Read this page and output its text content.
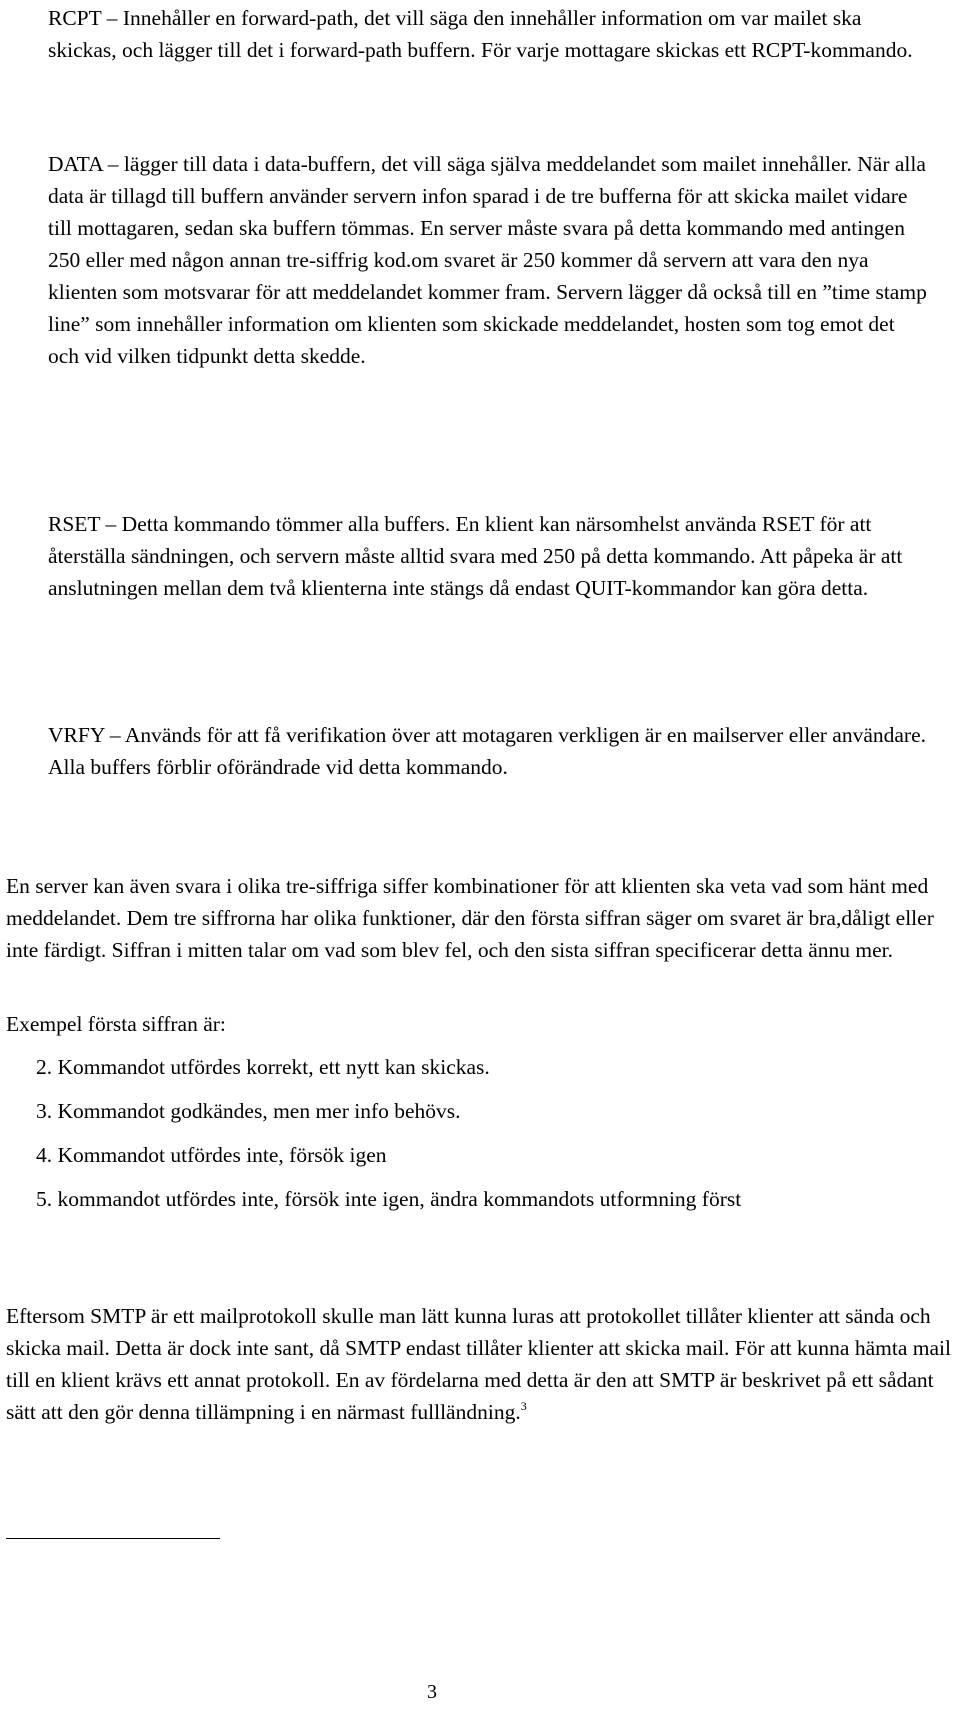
RCPT – Innehåller en forward-path, det vill säga den innehåller information om var mailet ska skickas, och lägger till det i forward-path buffern. För varje mottagare skickas ett RCPT-kommando.

DATA – lägger till data i data-buffern, det vill säga själva meddelandet som mailet innehåller. När alla data är tillagd till buffern använder servern infon sparad i de tre bufferna för att skicka mailet vidare till mottagaren, sedan ska buffern tömmas. En server måste svara på detta kommando med antingen 250 eller med någon annan tre-siffrig kod.om svaret är 250 kommer då servern att vara den nya klienten som motsvarar för att meddelandet kommer fram. Servern lägger då också till en ”time stamp line” som innehåller information om klienten som skickade meddelandet, hosten som tog emot det och vid vilken tidpunkt detta skedde.

RSET – Detta kommando tömmer alla buffers. En klient kan närsomhelst använda RSET för att återställa sändningen, och servern måste alltid svara med 250 på detta kommando. Att påpeka är att anslutningen mellan dem två klienterna inte stängs då endast QUIT-kommandor kan göra detta.

VRFY – Används för att få verifikation över att motagaren verkligen är en mailserver eller användare. Alla buffers förblir oförändrade vid detta kommando.

En server kan även svara i olika tre-siffriga siffer kombinationer för att klienten ska veta vad som hänt med meddelandet. Dem tre siffrorna har olika funktioner, där den första siffran säger om svaret är bra,dåligt eller inte färdigt. Siffran i mitten talar om vad som blev fel, och den sista siffran specificerar detta ännu mer.

Exempel första siffran är:

2. Kommandot utfördes korrekt, ett nytt kan skickas.
3. Kommandot godkändes, men mer info behövs.
4. Kommandot utfördes inte, försök igen
5. kommandot utfördes inte, försök inte igen, ändra kommandots utformning först

Eftersom SMTP är ett mailprotokoll skulle man lätt kunna luras att protokollet tillåter klienter att sända och skicka mail. Detta är dock inte sant, då SMTP endast tillåter klienter att skicka mail. För att kunna hämta mail till en klient krävs ett annat protokoll. En av fördelarna med detta är den att SMTP är beskrivet på ett sådant sätt att den gör denna tillämpning i en närmast fullländning.$^3$

3
